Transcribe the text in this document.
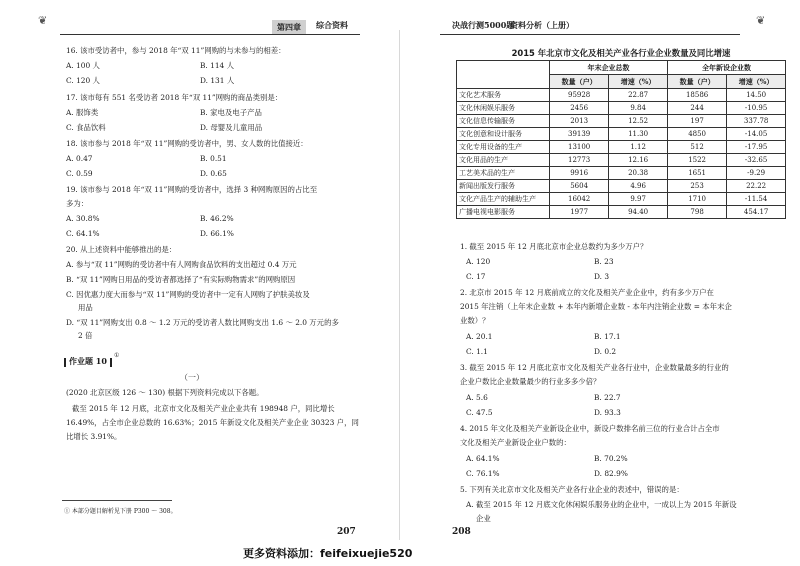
❦	第四章	综合资料
16. 该市受访者中，参与 2018 年“双 11”网购的与未参与的相差：
A. 100 人	B. 114 人
C. 120 人	D. 131 人
17. 该市每有 551 名受访者 2018 年“双 11”网购的商品类别是：
A. 服饰类	B. 家电及电子产品
C. 食品饮料	D. 母婴及儿童用品
18. 该市参与 2018 年“双 11”网购的受访者中，男、女人数的比值接近：
A. 0.47	B. 0.51
C. 0.59	D. 0.65
19. 该市参与 2018 年“双 11”网购的受访者中，选择 3 种网购原因的占比至
多为：
A. 30.8%	B. 46.2%
C. 64.1%	D. 66.1%
20. 从上述资料中能够推出的是：
A. 参与“双 11”网购的受访者中有人网购食品饮料的支出超过 0.4 万元
B. “双 11”网购日用品的受访者都选择了“有实际购物需求”的网购原因
C. 因优惠力度大而参与“双 11”网购的受访者中一定有人网购了护肤美妆及
用品
D. “双 11”网购支出 0.8 ～ 1.2 万元的受访者人数比网购支出 1.6 ～ 2.0 万元的多
2 倍
作业题 10
①
（一）
(2020 北京区级 126 ～ 130) 根据下列资料完成以下各题。
截至 2015 年 12 月底，北京市文化及相关产业企业共有 198948 户，同比增长
16.49%，占全市企业总数的 16.63%；2015 年新设文化及相关产业企业 30323 户，同
比增长 3.91%。
① 本部分题目解析见下册 P300 ～ 308。
207
决战行测5000题
资料分析（上册）	❦
2015 年北京市文化及相关产业各行业企业数量及同比增速
	年末企业总数		全年新设企业数	
	数量（户）	增速（%）	数量（户）	增速（%）
文化艺术服务	95928	22.87	18586	14.50
文化休闲娱乐服务	2456	9.84	244	-10.95
文化信息传输服务	2013	12.52	197	337.78
文化创意和设计服务	39139	11.30	4850	-14.05
文化专用设备的生产	13100	1.12	512	-17.95
文化用品的生产	12773	12.16	1522	-32.65
工艺美术品的生产	9916	20.38	1651	-9.29
新闻出版发行服务	5604	4.96	253	22.22
文化产品生产的辅助生产	16042	9.97	1710	-11.54
广播电视电影服务	1977	94.40	798	454.17
1. 截至 2015 年 12 月底北京市企业总数约为多少万户？
A. 120	B. 23
C. 17	D. 3
2. 北京市 2015 年 12 月底前成立的文化及相关产业企业中，约有多少万户在
2015 年注销（上年末企业数 + 本年内新增企业数 - 本年内注销企业数 = 本年末企
业数）？
A. 20.1	B. 17.1
C. 1.1	D. 0.2
3. 截至 2015 年 12 月底北京市文化及相关产业各行业中，企业数量最多的行业的
企业户数比企业数量最少的行业多多少倍？
A. 5.6	B. 22.7
C. 47.5	D. 93.3
4. 2015 年文化及相关产业新设企业中，新设户数排名前三位的行业合计占全市
文化及相关产业新设企业户数的：
A. 64.1%	B. 70.2%
C. 76.1%	D. 82.9%
5. 下列有关北京市文化及相关产业各行业企业的表述中，错误的是：
A. 截至 2015 年 12 月底文化休闲娱乐服务业的企业中，一成以上为 2015 年新设
企业
208
更多资料添加：feifeixuejie520
